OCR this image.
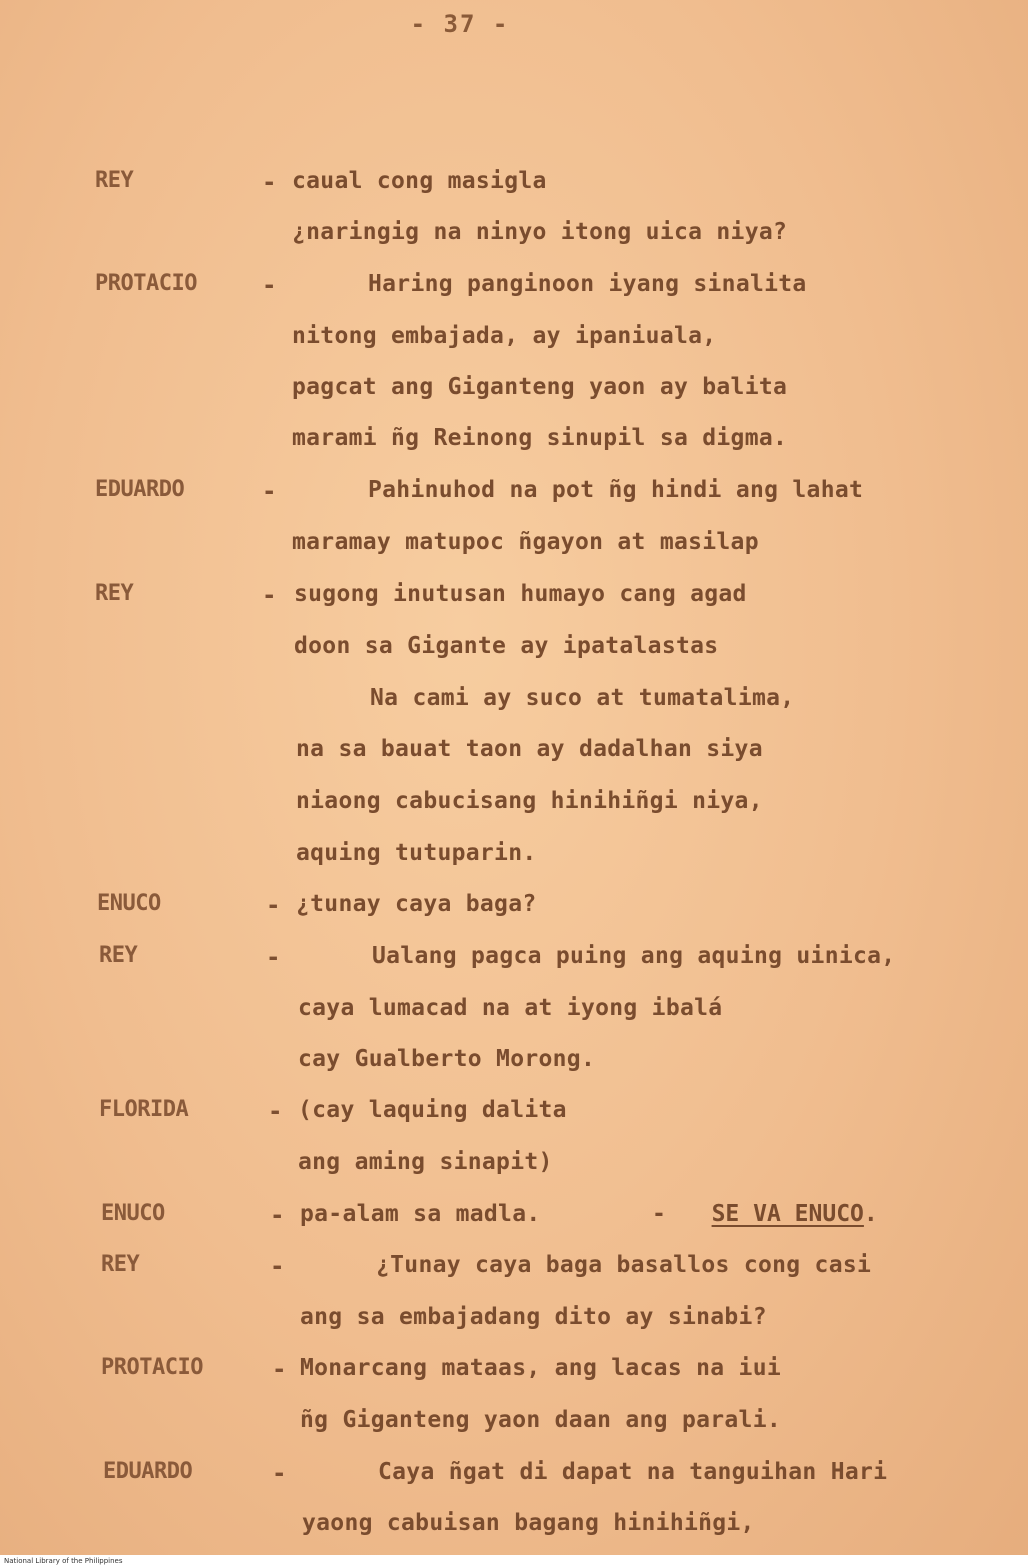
- 37 -
REY	- caual cong masigla
¿naringig na ninyo itong uica niya?
PROTACIO	-	Haring panginoon iyang sinalita
nitong embajada, ay ipaniuala,
pagcat ang Giganteng yaon ay balita
marami ñg Reinong sinupil sa digma.
EDUARDO	-	Pahinuhod na pot ñg hindi ang lahat
maramay matupoc ñgayon at masilap
REY	- sugong inutusan humayo cang agad
doon sa Gigante ay ipatalastas
Na cami ay suco at tumatalima,
na sa bauat taon ay dadalhan siya
niaong cabucisang hinihiñgi niya,
aquing tutuparin.
ENUCO	- ¿tunay caya baga?
REY	-	Ualang pagca puing ang aquing uinica,
caya lumacad na at iyong ibalá
cay Gualberto Morong.
FLORIDA	- (cay laquing dalita
ang aming sinapit)
ENUCO	- pa-alam sa madla.	- SE VA ENUCO.
REY	-	¿Tunay caya baga basallos cong casi
ang sa embajadang dito ay sinabi?
PROTACIO	- Monarcang mataas, ang lacas na iui
ñg Giganteng yaon daan ang parali.
EDUARDO	-	Caya ñgat di dapat na tanguihan Hari
yaong cabuisan bagang hinihiñgi,
National Library of the Philippines
